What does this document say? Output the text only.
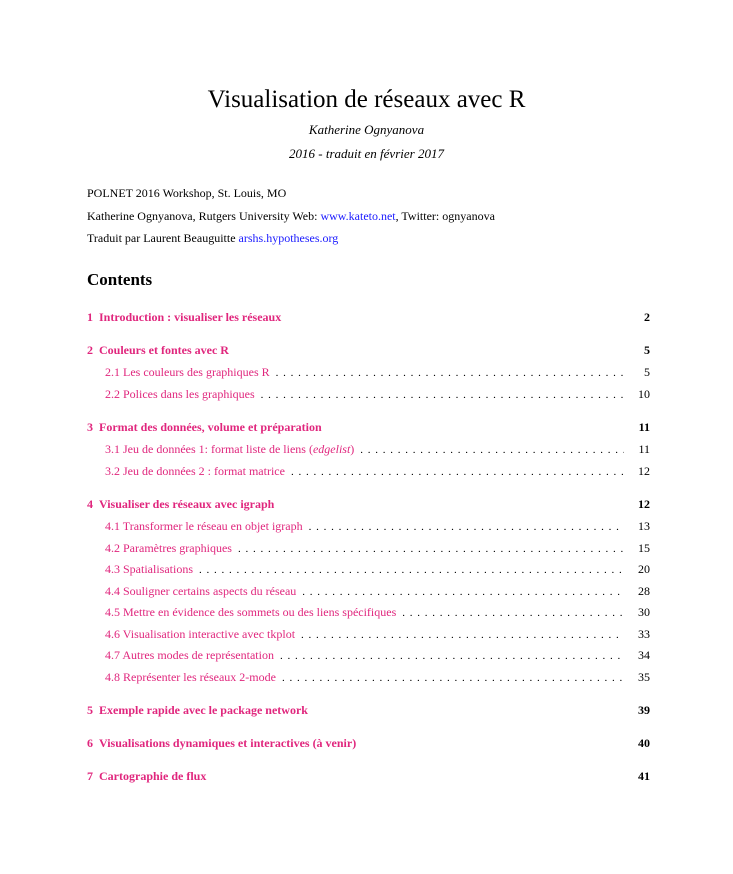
Visualisation de réseaux avec R
Katherine Ognyanova
2016 - traduit en février 2017
POLNET 2016 Workshop, St. Louis, MO
Katherine Ognyanova, Rutgers University Web: www.kateto.net, Twitter: ognyanova
Traduit par Laurent Beauguitte arshs.hypotheses.org
Contents
1 Introduction : visualiser les réseaux	2
2 Couleurs et fontes avec R	5
2.1 Les couleurs des graphiques R . . .	5
2.2 Polices dans les graphiques . . .	10
3 Format des données, volume et préparation	11
3.1 Jeu de données 1: format liste de liens (edgelist) . . .	11
3.2 Jeu de données 2 : format matrice . . .	12
4 Visualiser des réseaux avec igraph	12
4.1 Transformer le réseau en objet igraph . . .	13
4.2 Paramètres graphiques . . .	15
4.3 Spatialisations . . .	20
4.4 Souligner certains aspects du réseau . . .	28
4.5 Mettre en évidence des sommets ou des liens spécifiques . . .	30
4.6 Visualisation interactive avec tkplot . . .	33
4.7 Autres modes de représentation . . .	34
4.8 Représenter les réseaux 2-mode . . .	35
5 Exemple rapide avec le package network	39
6 Visualisations dynamiques et interactives (à venir)	40
7 Cartographie de flux	41
